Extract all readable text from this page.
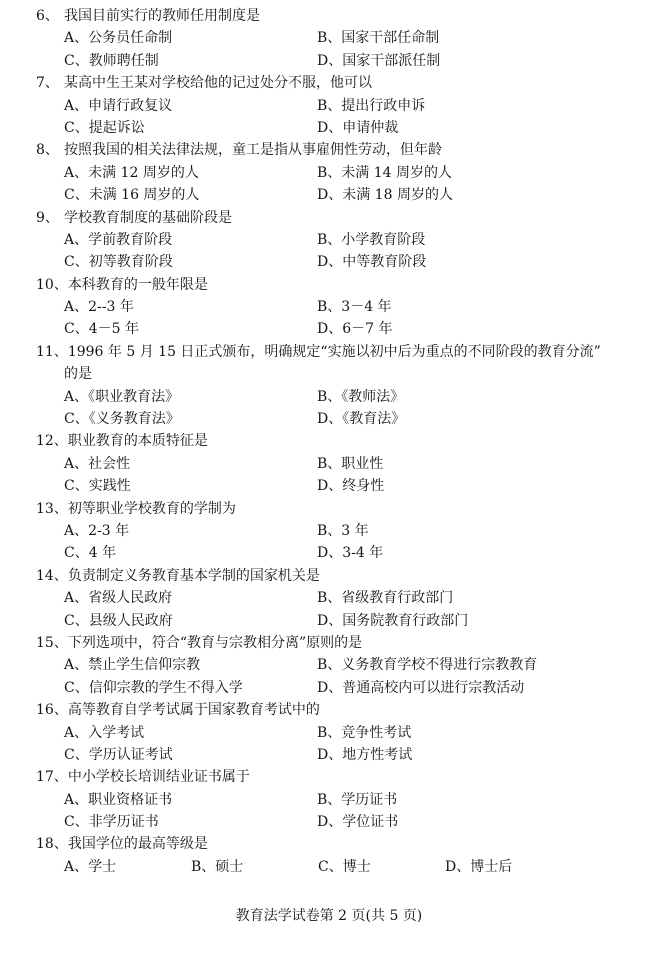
6、 我国目前实行的教师任用制度是
A、公务员任命制	B、国家干部任命制
C、教师聘任制	D、国家干部派任制
7、 某高中生王某对学校给他的记过处分不服，他可以
A、申请行政复议	B、提出行政申诉
C、提起诉讼	D、申请仲裁
8、 按照我国的相关法律法规，童工是指从事雇佣性劳动，但年龄
A、未满 12 周岁的人	B、未满 14 周岁的人
C、未满 16 周岁的人	D、未满 18 周岁的人
9、 学校教育制度的基础阶段是
A、学前教育阶段	B、小学教育阶段
C、初等教育阶段	D、中等教育阶段
10、 本科教育的一般年限是
A、2--3 年	B、3－4 年
C、4－5 年	D、6－7 年
11、 1996 年 5 月 15 日正式颁布，明确规定“实施以初中后为重点的不同阶段的教育分流”
的是
A、《职业教育法》	B、《教师法》
C、《义务教育法》	D、《教育法》
12、 职业教育的本质特征是
A、社会性	B、职业性
C、实践性	D、终身性
13、 初等职业学校教育的学制为
A、2-3 年	B、3 年
C、4 年	D、3-4 年
14、 负责制定义务教育基本学制的国家机关是
A、省级人民政府	B、省级教育行政部门
C、县级人民政府	D、国务院教育行政部门
15、 下列选项中，符合“教育与宗教相分离”原则的是
A、禁止学生信仰宗教	B、义务教育学校不得进行宗教教育
C、信仰宗教的学生不得入学	D、普通高校内可以进行宗教活动
16、 高等教育自学考试属于国家教育考试中的
A、入学考试	B、竞争性考试
C、学历认证考试	D、地方性考试
17、 中小学校长培训结业证书属于
A、职业资格证书	B、学历证书
C、非学历证书	D、学位证书
18、 我国学位的最高等级是
A、学士	B、硕士	C、博士	D、博士后
教育法学试卷第 2 页(共 5 页)
